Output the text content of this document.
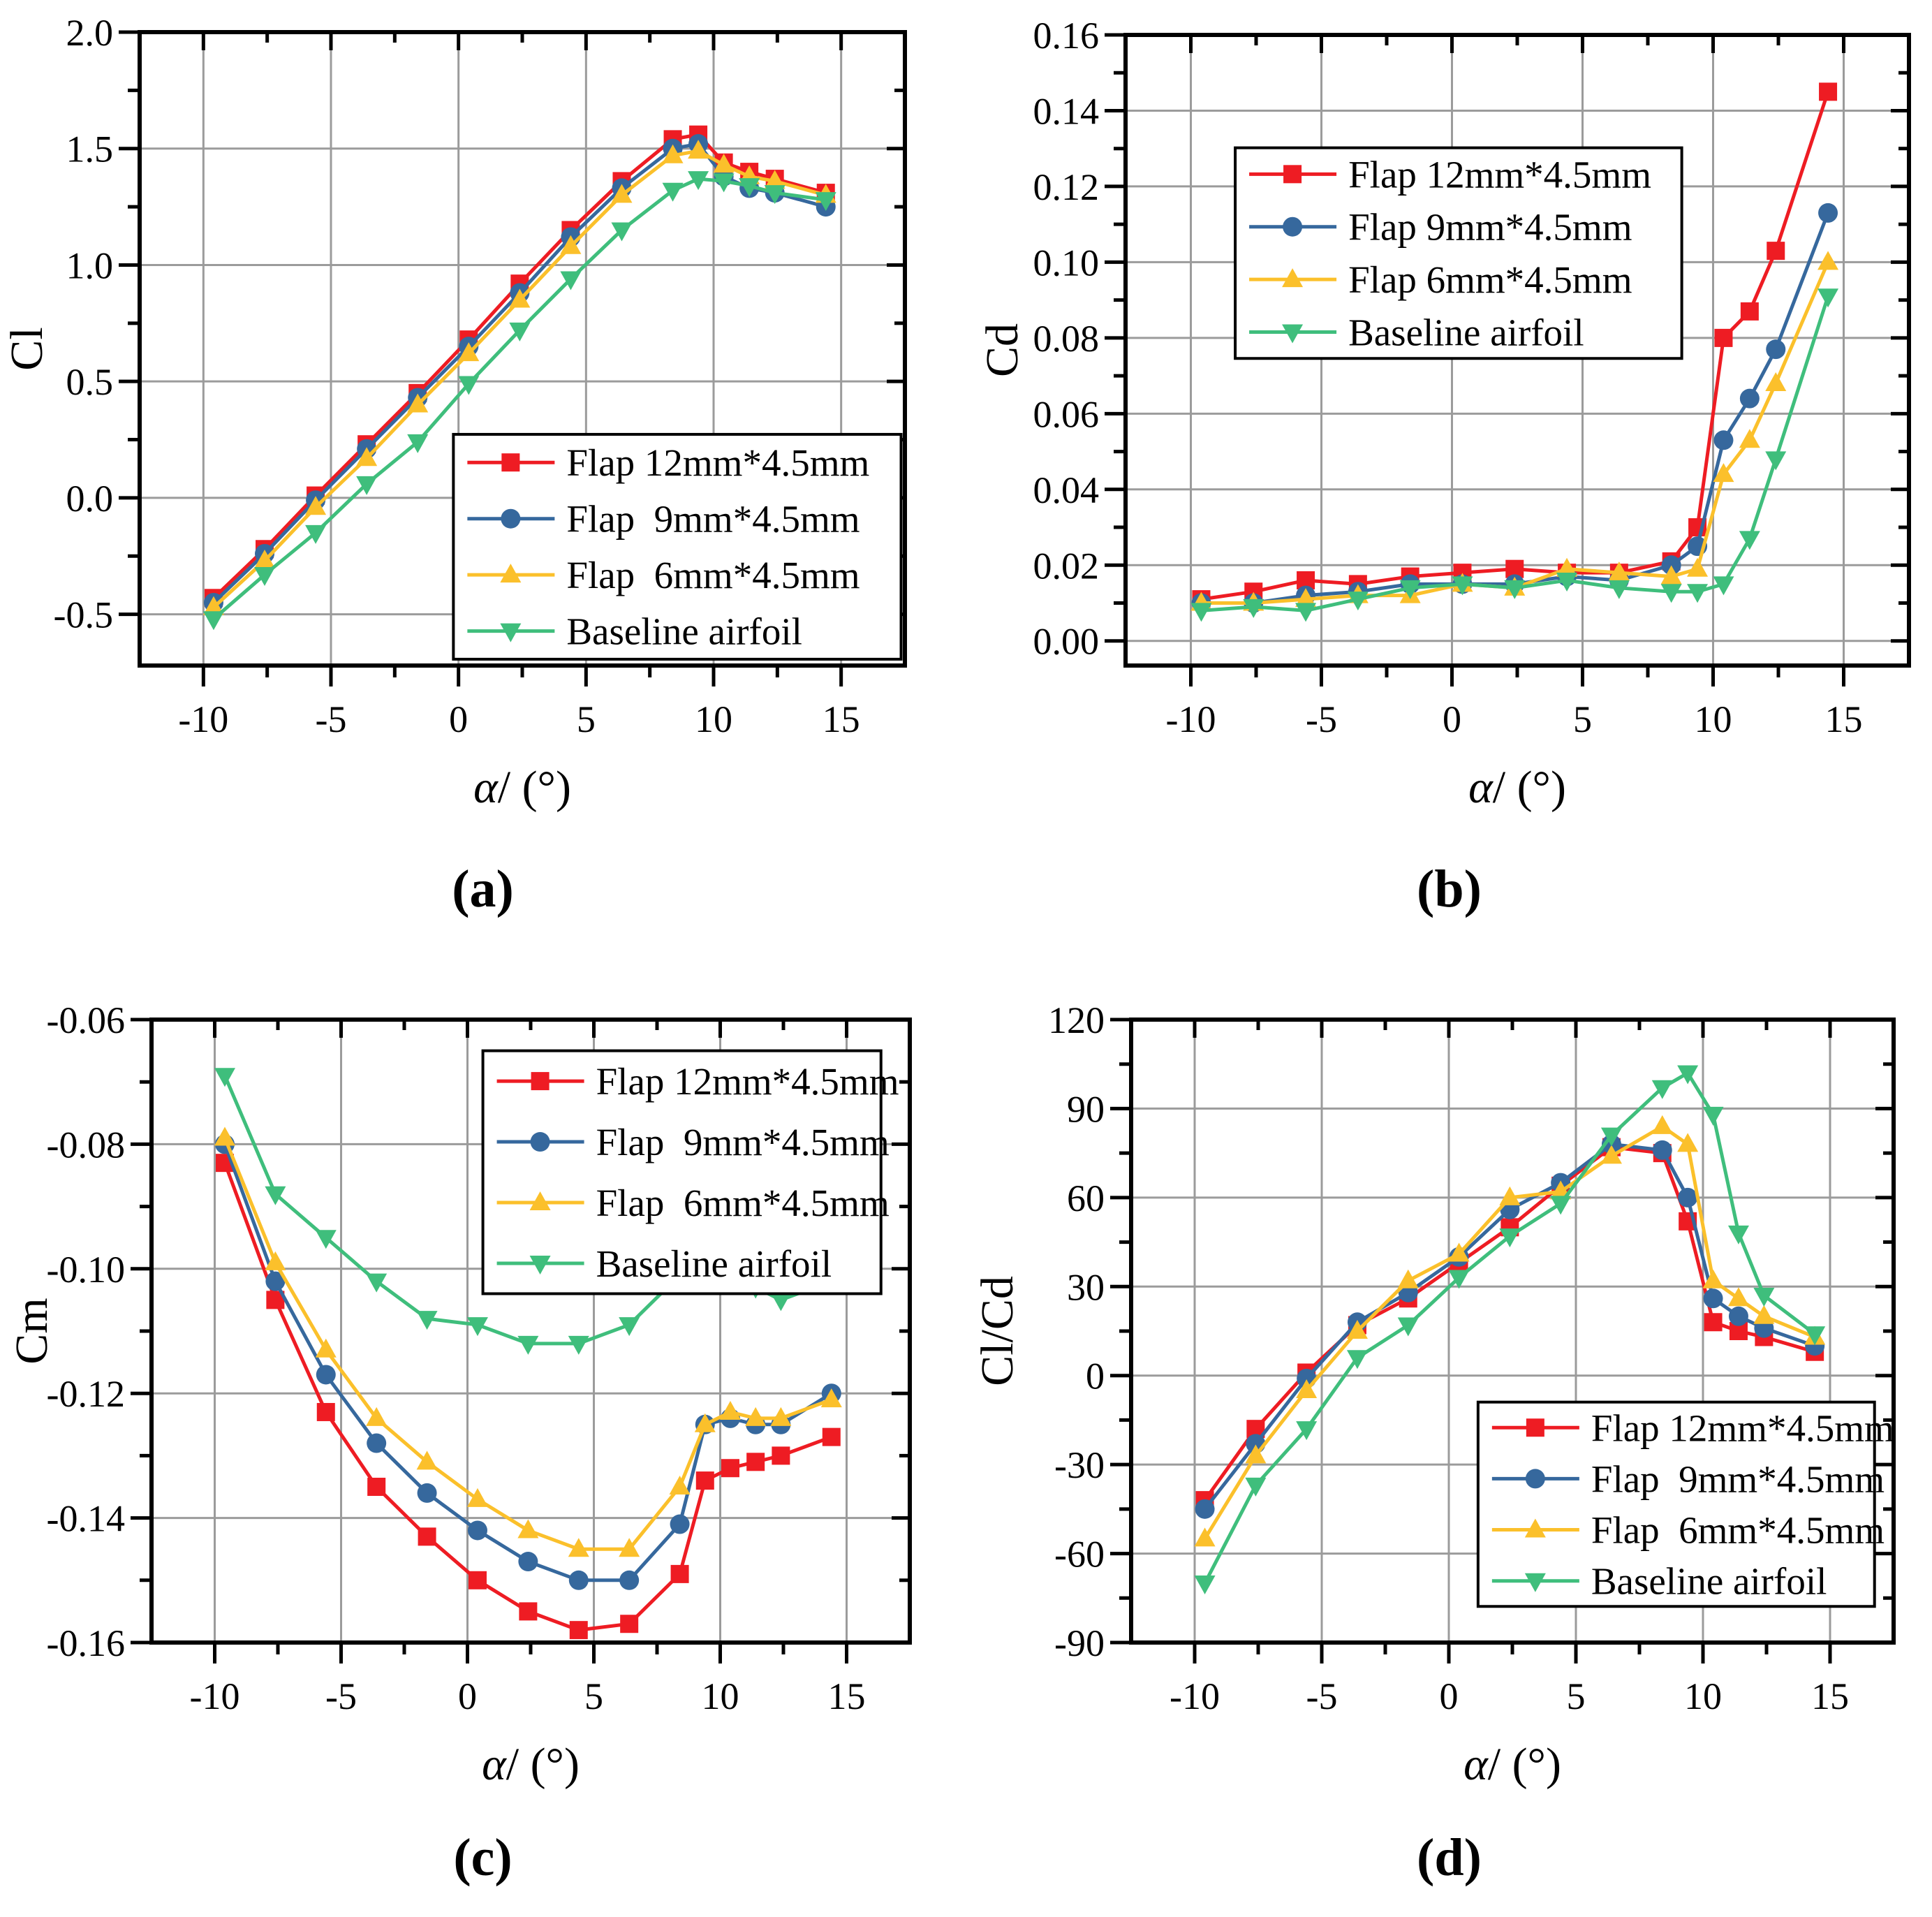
-10 -5	0	5	10 15
-0.5
0.0
0.5
1.0
1.5
2.0
Flap 12mm*4.5mm
Flap  9mm*4.5mm
Flap  6mm*4.5mm
Baseline airfoil
α/ (°)
Cl
-10 -5	0	5	10 15
0.00
0.02
0.04
0.06
0.08
0.10
0.12
0.14
0.16
Flap 12mm*4.5mm
Flap 9mm*4.5mm
Flap 6mm*4.5mm
Baseline airfoil
α/ (°)
Cd
-10 -5	0	5	10 15
-0.16
-0.14
-0.12
-0.10
-0.08
-0.06
Flap 12mm*4.5mm
Flap  9mm*4.5mm
Flap  6mm*4.5mm
Baseline airfoil
α/ (°)
Cm
-10 -5	0	5	10 15
-90
-60
-30
0
30
60
90
120
Flap 12mm*4.5mm
Flap  9mm*4.5mm
Flap  6mm*4.5mm
Baseline airfoil
α/ (°)
Cl/Cd
(a)	(b)
(c)	(d)
